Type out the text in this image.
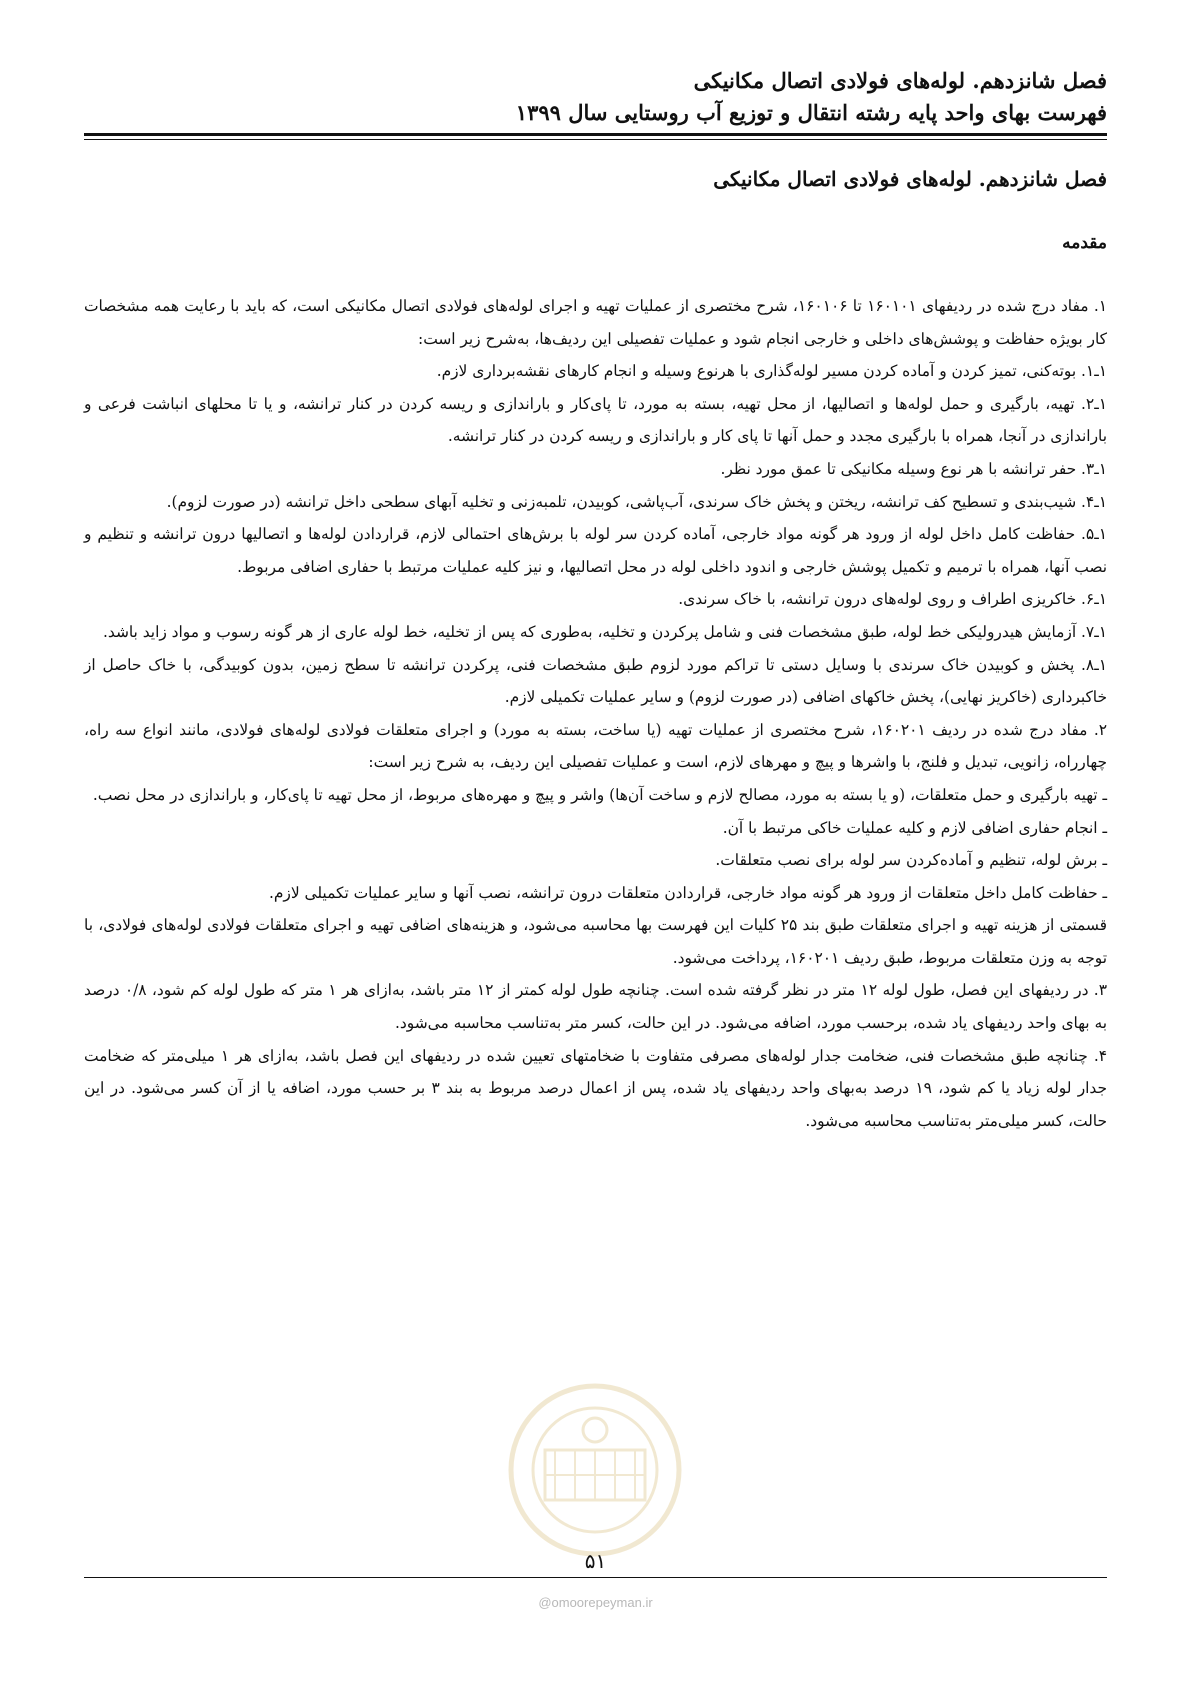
فصل شانزدهم. لوله‌های فولادی اتصال مکانیکی
فهرست بهای واحد پایه رشته انتقال و توزیع آب روستایی سال ۱۳۹۹
فصل شانزدهم. لوله‌های فولادی اتصال مکانیکی
مقدمه

۱. مفاد درج شده در ردیفهای ۱۶۰۱۰۱ تا ۱۶۰۱۰۶، شرح مختصری از عملیات تهیه و اجرای لوله‌های فولادی اتصال مکانیکی است، که باید با رعایت همه مشخصات کار بویژه حفاظت و پوشش‌های داخلی و خارجی انجام شود و عملیات تفصیلی این ردیف‌ها، به‌شرح زیر است:

۱ـ۱. بوته‌کنی، تمیز کردن و آماده کردن مسیر لوله‌گذاری با هرنوع وسیله و انجام کارهای نقشه‌برداری لازم.

۱ـ۲. تهیه، بارگیری و حمل لوله‌ها و اتصالیها، از محل تهیه، بسته به مورد، تا پای‌کار و باراندازی و ریسه کردن در کنار ترانشه، و یا تا محلهای انباشت فرعی و باراندازی در آنجا، همراه با بارگیری مجدد و حمل آنها تا پای کار و باراندازی و ریسه کردن در کنار ترانشه.

۱ـ۳. حفر ترانشه با هر نوع وسیله مکانیکی تا عمق مورد نظر.

۱ـ۴. شیب‌بندی و تسطیح کف ترانشه، ریختن و پخش خاک سرندی، آب‌پاشی، کوبیدن، تلمبه‌زنی و تخلیه آبهای سطحی داخل ترانشه (در صورت لزوم).

۱ـ۵. حفاظت کامل داخل لوله از ورود هر گونه مواد خارجی، آماده کردن سر لوله با برش‌های احتمالی لازم، قراردادن لوله‌ها و اتصالیها درون ترانشه و تنظیم و نصب آنها، همراه با ترمیم و تکمیل پوشش خارجی و اندود داخلی لوله در محل اتصالیها، و نیز کلیه عملیات مرتبط با حفاری اضافی مربوط.

۱ـ۶. خاکریزی اطراف و روی لوله‌های درون ترانشه، با خاک سرندی.

۱ـ۷. آزمایش هیدرولیکی خط لوله، طبق مشخصات فنی و شامل پرکردن و تخلیه، به‌طوری که پس از تخلیه، خط لوله عاری از هر گونه رسوب و مواد زاید باشد.

۱ـ۸. پخش و کوبیدن خاک سرندی با وسایل دستی تا تراکم مورد لزوم طبق مشخصات فنی، پرکردن ترانشه تا سطح زمین، بدون کوبیدگی، با خاک حاصل از خاکبرداری (خاکریز نهایی)، پخش خاکهای اضافی (در صورت لزوم) و سایر عملیات تکمیلی لازم.

۲. مفاد درج شده در ردیف ۱۶۰۲۰۱، شرح مختصری از عملیات تهیه (یا ساخت، بسته به مورد) و اجرای متعلقات فولادی لوله‌های فولادی، مانند انواع سه راه، چهارراه، زانویی، تبدیل و فلنج، با واشرها و پیچ و مهرهای لازم، است و عملیات تفصیلی این ردیف، به شرح زیر است:

ـ تهیه بارگیری و حمل متعلقات، (و یا بسته به مورد، مصالح لازم و ساخت آن‌ها) واشر و پیچ و مهره‌های مربوط، از محل تهیه تا پای‌کار، و باراندازی در محل نصب.

ـ انجام حفاری اضافی لازم و کلیه عملیات خاکی مرتبط با آن.

ـ برش لوله، تنظیم و آماده‌کردن سر لوله برای نصب متعلقات.

ـ حفاظت کامل داخل متعلقات از ورود هر گونه مواد خارجی، قراردادن متعلقات درون ترانشه، نصب آنها و سایر عملیات تکمیلی لازم.

قسمتی از هزینه تهیه و اجرای متعلقات طبق بند ۲۵ کلیات این فهرست بها محاسبه می‌شود، و هزینه‌های اضافی تهیه و اجرای متعلقات فولادی لوله‌های فولادی، با توجه به وزن متعلقات مربوط، طبق ردیف ۱۶۰۲۰۱، پرداخت می‌شود.

۳. در ردیفهای این فصل، طول لوله ۱۲ متر در نظر گرفته شده است. چنانچه طول لوله کمتر از ۱۲ متر باشد، به‌ازای هر ۱ متر که طول لوله کم شود، ۰/۸ درصد به بهای واحد ردیفهای یاد شده، برحسب مورد، اضافه می‌شود. در این حالت، کسر متر به‌تناسب محاسبه می‌شود.

۴. چنانچه طبق مشخصات فنی، ضخامت جدار لوله‌های مصرفی متفاوت با ضخامتهای تعیین شده در ردیفهای این فصل باشد، به‌ازای هر ۱ میلی‌متر که ضخامت جدار لوله زیاد یا کم شود، ۱۹ درصد به‌بهای واحد ردیفهای یاد شده، پس از اعمال درصد مربوط به بند ۳ بر حسب مورد، اضافه یا از آن کسر می‌شود. در این حالت، کسر میلی‌متر به‌تناسب محاسبه می‌شود.

۵۱
@omoorepeyman.ir
